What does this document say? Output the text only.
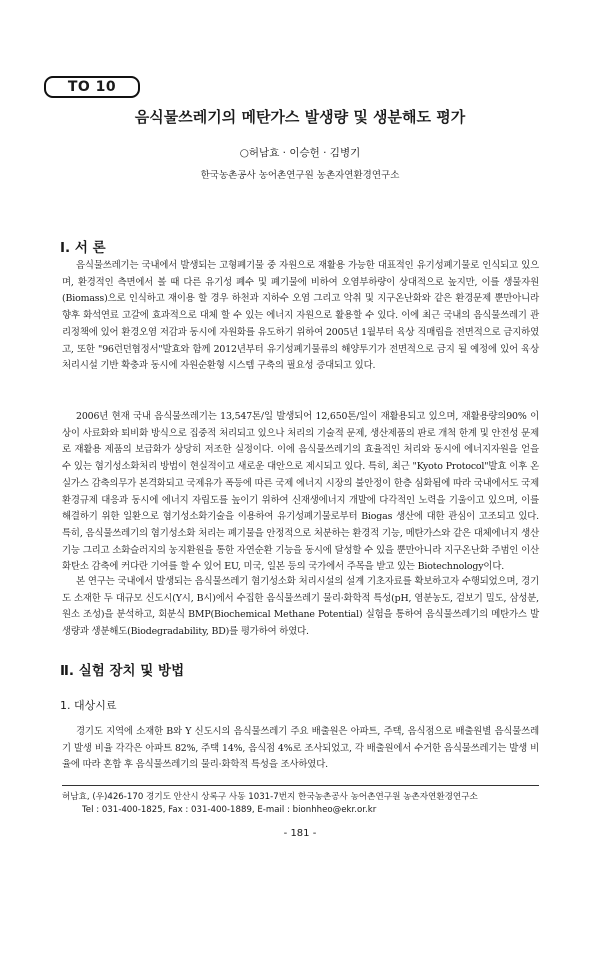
TO 10
음식물쓰레기의 메탄가스 발생량 및 생분해도 평가
○허남효 · 이승헌 · 김병기
한국농촌공사 농어촌연구원 농촌자연환경연구소
Ⅰ. 서 론

음식물쓰레기는 국내에서 발생되는 고형폐기물 중 자원으로 재활용 가능한 대표적인 유기성폐기물로 인식되고 있으며, 환경적인 측면에서 볼 때 다른 유기성 폐수 및 폐기물에 비하여 오염부하량이 상대적으로 높지만, 이를 생물자원(Biomass)으로 인식하고 재이용 할 경우 하천과 지하수 오염 그리고 악취 및 지구온난화와 같은 환경문제 뿐만아니라 향후 화석연료 고갈에 효과적으로 대체 할 수 있는 에너지 자원으로 활용할 수 있다. 이에 최근 국내의 음식물쓰레기 관리정책에 있어 환경오염 저감과 동시에 자원화를 유도하기 위하여 2005년 1월부터 육상 직매립을 전면적으로 금지하였고, 또한 "96런던협정서"발효와 함께 2012년부터 유기성폐기물류의 해양투기가 전면적으로 금지 될 예정에 있어 육상처리시설 기반 확충과 동시에 자원순환형 시스템 구축의 필요성 증대되고 있다.

2006년 현재 국내 음식물쓰레기는 13,547톤/일 발생되어 12,650톤/일이 재활용되고 있으며, 재활용량의90% 이상이 사료화와 퇴비화 방식으로 집중적 처리되고 있으나 처리의 기술적 문제, 생산제품의 판로 개척 한계 및 안전성 문제로 재활용 제품의 보급화가 상당히 저조한 실정이다. 이에 음식물쓰레기의 효율적인 처리와 동시에 에너지자원을 얻을 수 있는 혐기성소화처리 방법이 현실적이고 새로운 대안으로 제시되고 있다. 특히, 최근 "Kyoto Protocol"발효 이후 온실가스 감축의무가 본격화되고 국제유가 폭등에 따른 국제 에너지 시장의 불안정이 한층 심화됨에 따라 국내에서도 국제 환경규제 대응과 동시에 에너지 자립도를 높이기 위하여 신재생에너지 개발에 다각적인 노력을 기울이고 있으며, 이를 해결하기 위한 일환으로 혐기성소화기술을 이용하여 유기성폐기물로부터 Biogas 생산에 대한 관심이 고조되고 있다. 특히, 음식물쓰레기의 혐기성소화 처리는 폐기물을 안정적으로 처분하는 환경적 기능, 메탄가스와 같은 대체에너지 생산 기능 그리고 소화슬러지의 농지환원을 통한 자연순환 기능을 동시에 달성할 수 있을 뿐만아니라 지구온난화 주범인 이산화탄소 감축에 커다란 기여를 할 수 있어 EU, 미국, 일본 등의 국가에서 주목을 받고 있는 Biotechnology이다.

본 연구는 국내에서 발생되는 음식물쓰레기 혐기성소화 처리시설의 설계 기초자료를 확보하고자 수행되었으며, 경기도 소재한 두 대규모 신도시(Y시, B시)에서 수집한 음식물쓰레기 물리·화학적 특성(pH, 염분농도, 겉보기 밀도, 삼성분, 원소 조성)을 분석하고, 회분식 BMP(Biochemical Methane Potential) 실험을 통하여 음식물쓰레기의 메탄가스 발생량과 생분해도(Biodegradability, BD)를 평가하여 하였다.

Ⅱ. 실험 장치 및 방법
1. 대상시료

경기도 지역에 소재한 B와 Y 신도시의 음식물쓰레기 주요 배출원은 아파트, 주택, 음식점으로 배출원별 음식물쓰레기 발생 비율 각각은 아파트 82%, 주택 14%, 음식점 4%로 조사되었고, 각 배출원에서 수거한 음식물쓰레기는 발생 비율에 따라 혼합 후 음식물쓰레기의 물리·화학적 특성을 조사하였다.

허남효, (우)426-170 경기도 안산시 상록구 사동 1031-7번지 한국농촌공사 농어촌연구원 농촌자연환경연구소
Tel : 031-400-1825, Fax : 031-400-1889, E-mail : bionhheo@ekr.or.kr
- 181 -
